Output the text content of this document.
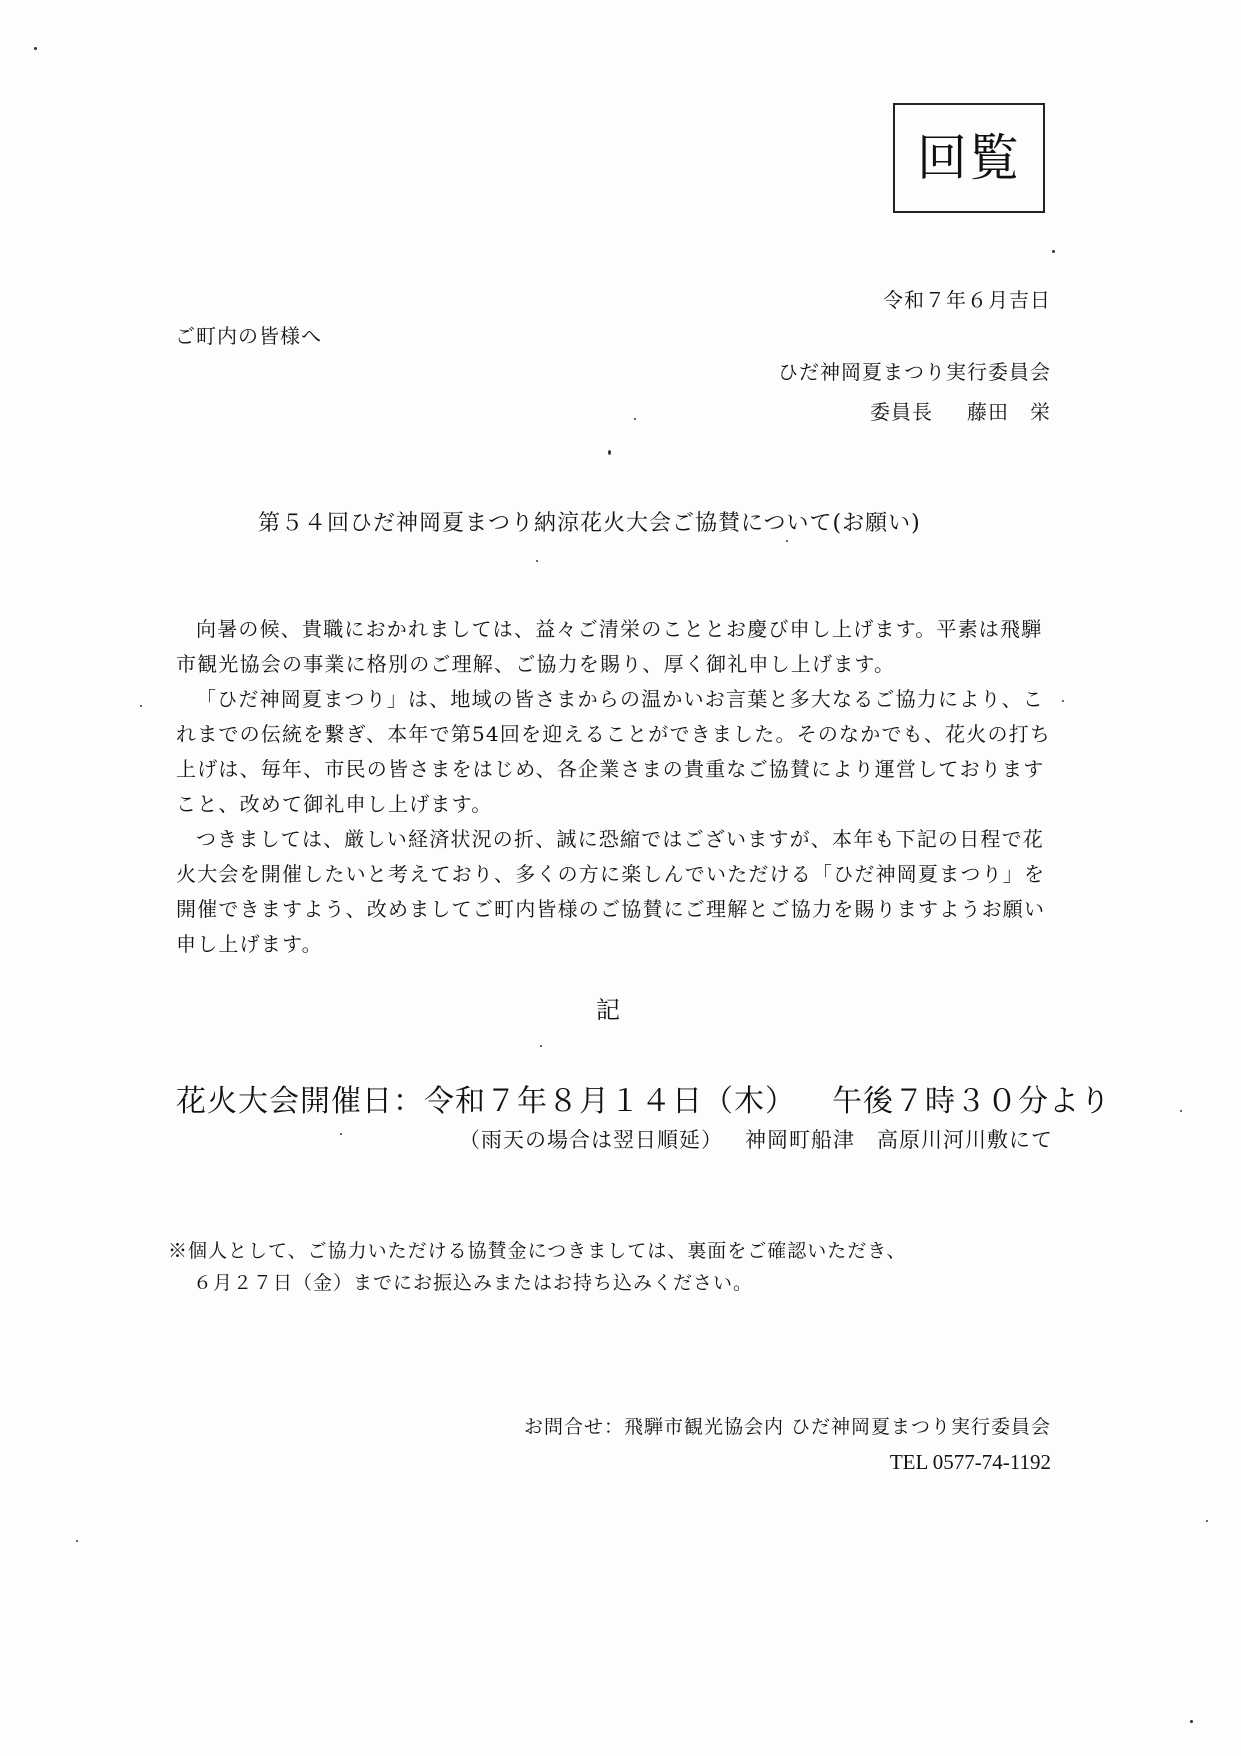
回覧
令和７年６月吉日
ご町内の皆様へ
ひだ神岡夏まつり実行委員会
委員長 藤田　栄
第５４回ひだ神岡夏まつり納涼花火大会ご協賛について(お願い)

向暑の候、貴職におかれましては、益々ご清栄のこととお慶び申し上げます。平素は飛騨市観光協会の事業に格別のご理解、ご協力を賜り、厚く御礼申し上げます。

「ひだ神岡夏まつり」は、地域の皆さまからの温かいお言葉と多大なるご協力により、これまでの伝統を繋ぎ、本年で第54回を迎えることができました。そのなかでも、花火の打ち上げは、毎年、市民の皆さまをはじめ、各企業さまの貴重なご協賛により運営しておりますこと、改めて御礼申し上げます。

つきましては、厳しい経済状況の折、誠に恐縮ではございますが、本年も下記の日程で花火大会を開催したいと考えており、多くの方に楽しんでいただける「ひだ神岡夏まつり」を開催できますよう、改めましてご町内皆様のご協賛にご理解とご協力を賜りますようお願い申し上げます。

記
花火大会開催日：令和７年８月１４日（木） 午後７時３０分より
（雨天の場合は翌日順延） 神岡町船津 高原川河川敷にて
※個人として、ご協力いただける協賛金につきましては、裏面をご確認いただき、
６月２７日（金）までにお振込みまたはお持ち込みください。
お問合せ：飛騨市観光協会内 ひだ神岡夏まつり実行委員会
TEL 0577-74-1192
